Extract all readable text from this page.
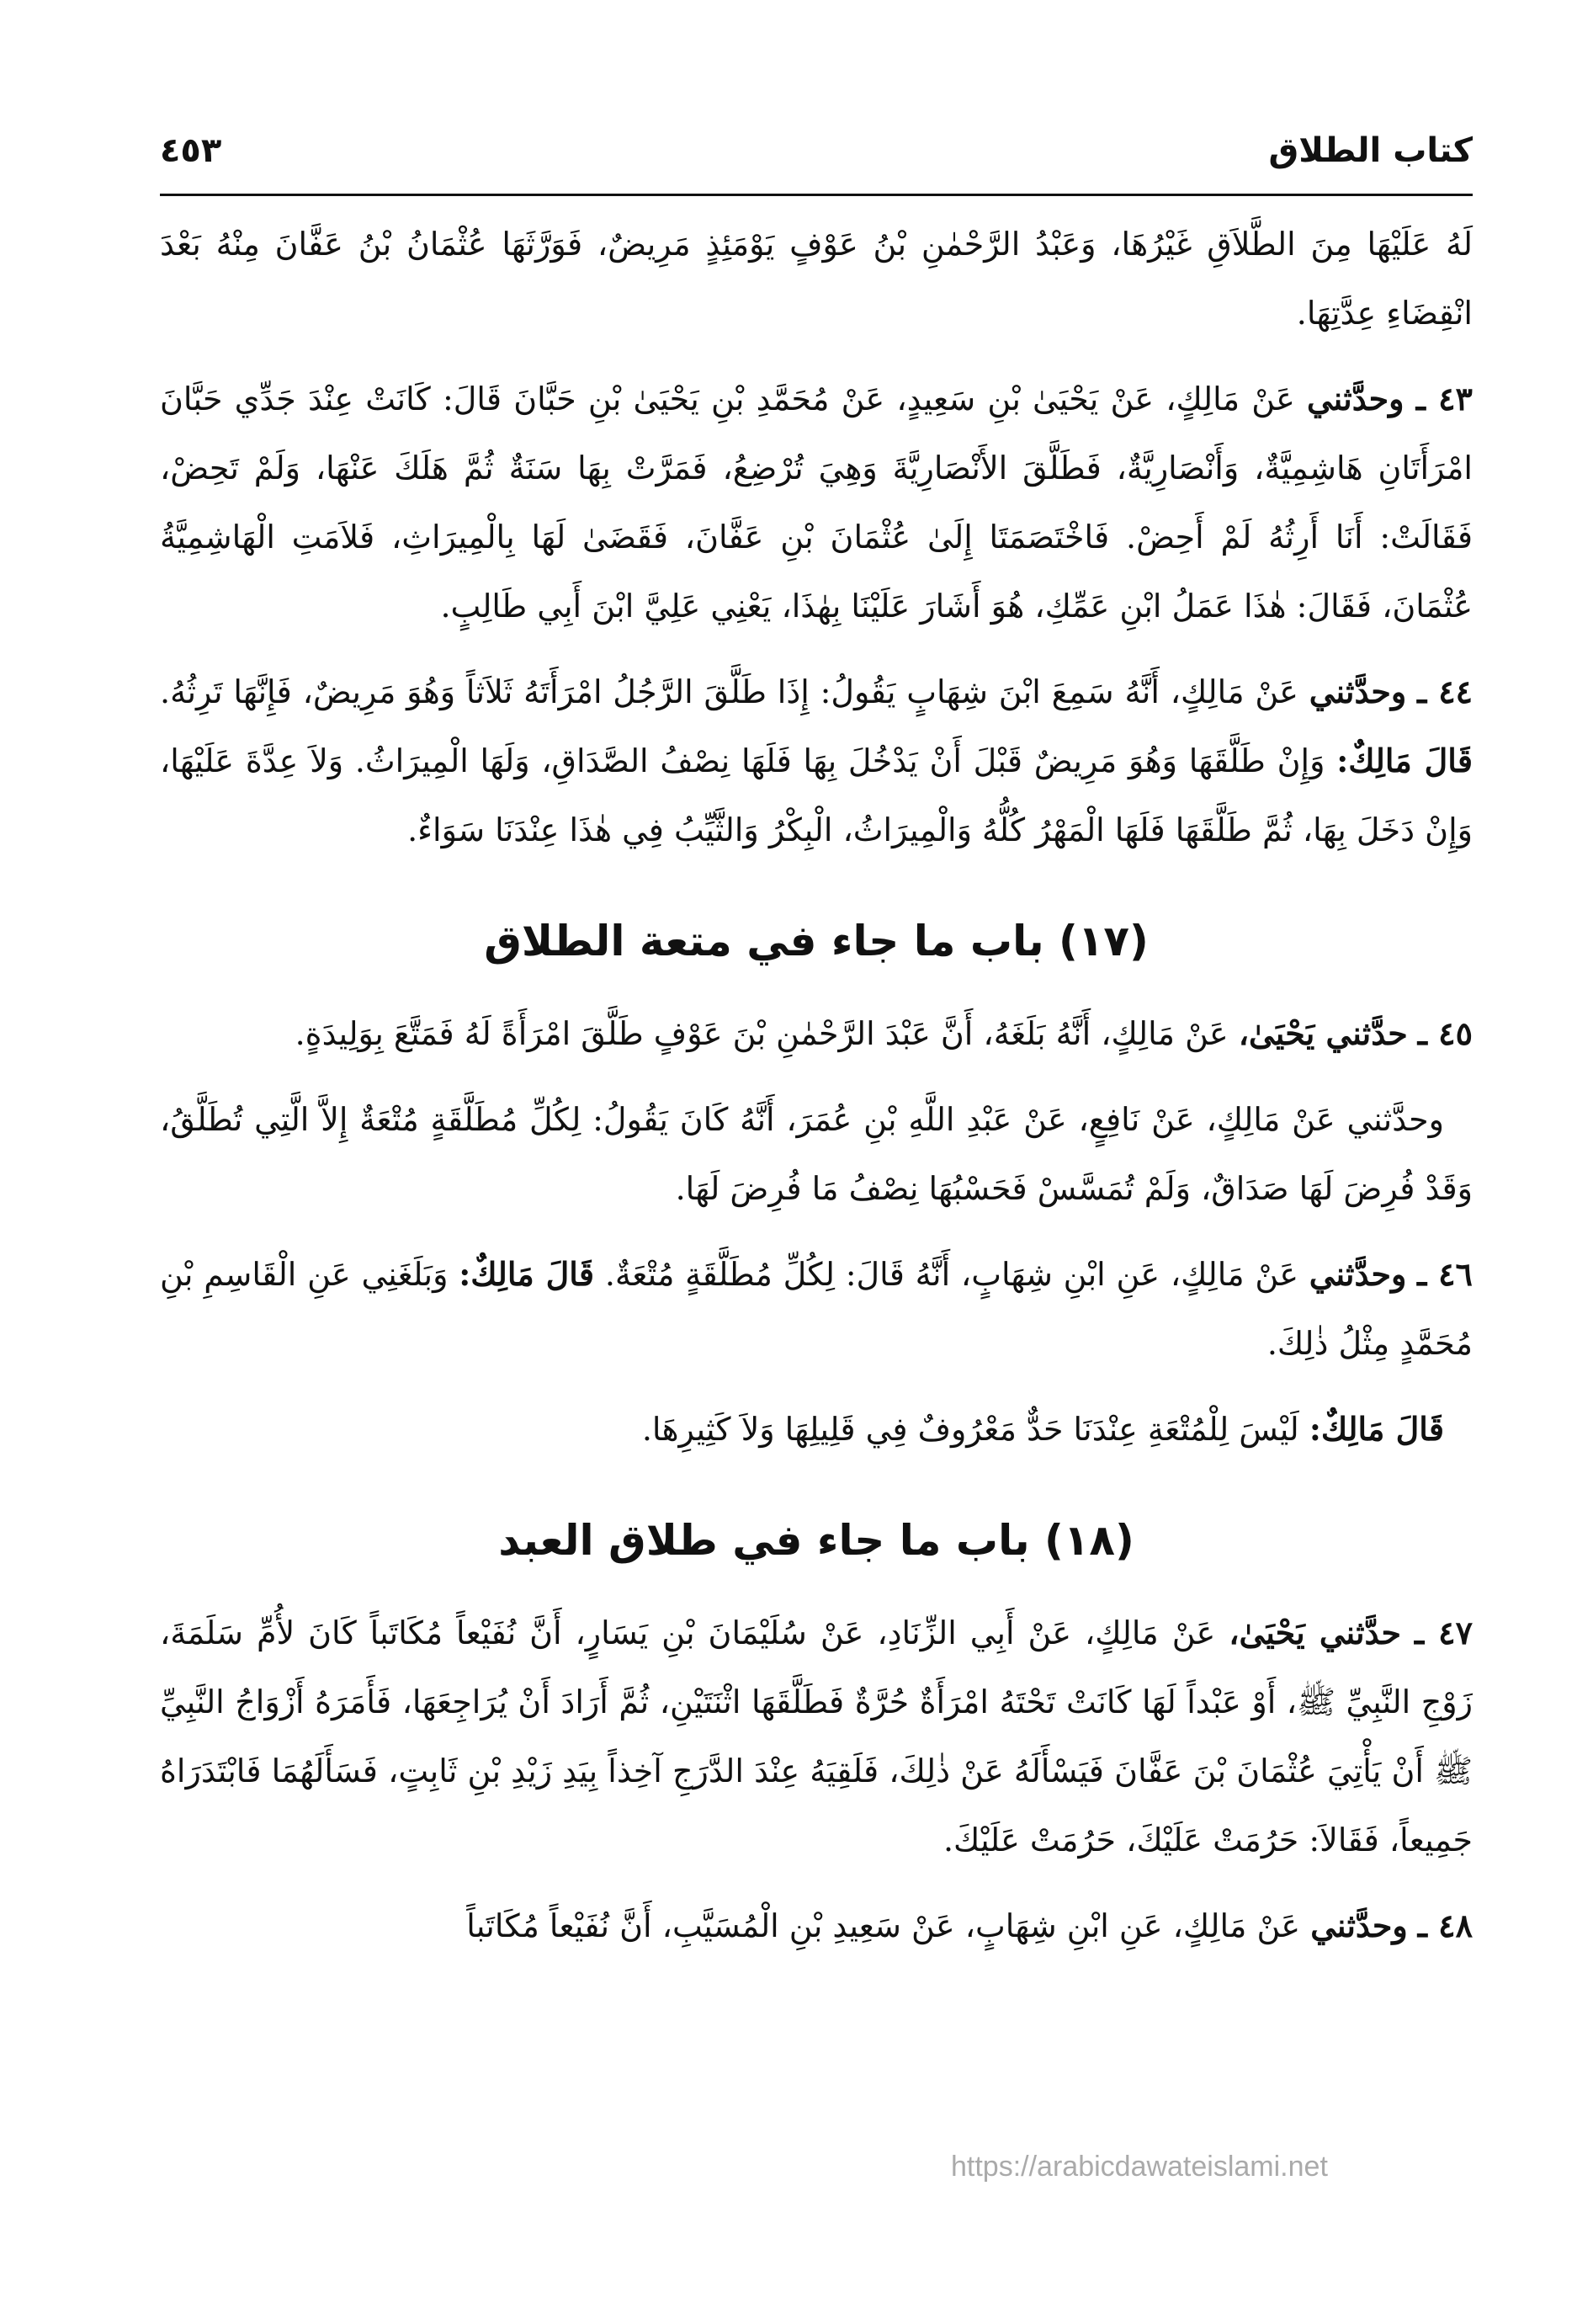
كتاب الطلاق
٤٥٣

لَهُ عَلَيْهَا مِنَ الطَّلاَقِ غَيْرُهَا، وَعَبْدُ الرَّحْمٰنِ بْنُ عَوْفٍ يَوْمَئِذٍ مَرِيضٌ، فَوَرَّثَهَا عُثْمَانُ بْنُ عَفَّانَ مِنْهُ بَعْدَ انْقِضَاءِ عِدَّتِهَا.

٤٣ ـ وحدَّثني عَنْ مَالِكٍ، عَنْ يَحْيَىٰ بْنِ سَعِيدٍ، عَنْ مُحَمَّدِ بْنِ يَحْيَىٰ بْنِ حَبَّانَ قَالَ: كَانَتْ عِنْدَ جَدِّي حَبَّانَ امْرَأَتَانِ هَاشِمِيَّةٌ، وَأَنْصَارِيَّةٌ، فَطَلَّقَ الأَنْصَارِيَّةَ وَهِيَ تُرْضِعُ، فَمَرَّتْ بِهَا سَنَةٌ ثُمَّ هَلَكَ عَنْهَا، وَلَمْ تَحِضْ، فَقَالَتْ: أَنَا أَرِثُهُ لَمْ أَحِضْ. فَاخْتَصَمَتَا إِلَىٰ عُثْمَانَ بْنِ عَفَّانَ، فَقَضَىٰ لَهَا بِالْمِيرَاثِ، فَلاَمَتِ الْهَاشِمِيَّةُ عُثْمَانَ، فَقَالَ: هٰذَا عَمَلُ ابْنِ عَمِّكِ، هُوَ أَشَارَ عَلَيْنَا بِهٰذَا، يَعْنِي عَلِيَّ ابْنَ أَبِي طَالِبٍ.

٤٤ ـ وحدَّثني عَنْ مَالِكٍ، أَنَّهُ سَمِعَ ابْنَ شِهَابٍ يَقُولُ: إِذَا طَلَّقَ الرَّجُلُ امْرَأَتَهُ ثَلاَثاً وَهُوَ مَرِيضٌ، فَإِنَّهَا تَرِثُهُ. قَالَ مَالِكٌ: وَإِنْ طَلَّقَهَا وَهُوَ مَرِيضٌ قَبْلَ أَنْ يَدْخُلَ بِهَا فَلَهَا نِصْفُ الصَّدَاقِ، وَلَهَا الْمِيرَاثُ. وَلاَ عِدَّةَ عَلَيْهَا، وَإِنْ دَخَلَ بِهَا، ثُمَّ طَلَّقَهَا فَلَهَا الْمَهْرُ كُلُّهُ وَالْمِيرَاثُ، الْبِكْرُ وَالثَّيِّبُ فِي هٰذَا عِنْدَنَا سَوَاءٌ.

(١٧) باب ما جاء في متعة الطلاق

٤٥ ـ حدَّثني يَحْيَىٰ، عَنْ مَالِكٍ، أَنَّهُ بَلَغَهُ، أَنَّ عَبْدَ الرَّحْمٰنِ بْنَ عَوْفٍ طَلَّقَ امْرَأَةً لَهُ فَمَتَّعَ بِوَلِيدَةٍ.

وحدَّثني عَنْ مَالِكٍ، عَنْ نَافِعٍ، عَنْ عَبْدِ اللَّهِ بْنِ عُمَرَ، أَنَّهُ كَانَ يَقُولُ: لِكُلِّ مُطَلَّقَةٍ مُتْعَةٌ إِلاَّ الَّتِي تُطَلَّقُ، وَقَدْ فُرِضَ لَهَا صَدَاقٌ، وَلَمْ تُمَسَّسْ فَحَسْبُهَا نِصْفُ مَا فُرِضَ لَهَا.

٤٦ ـ وحدَّثني عَنْ مَالِكٍ، عَنِ ابْنِ شِهَابٍ، أَنَّهُ قَالَ: لِكُلِّ مُطَلَّقَةٍ مُتْعَةٌ. قَالَ مَالِكٌ: وَبَلَغَنِي عَنِ الْقَاسِمِ بْنِ مُحَمَّدٍ مِثْلُ ذٰلِكَ.

قَالَ مَالِكٌ: لَيْسَ لِلْمُتْعَةِ عِنْدَنَا حَدٌّ مَعْرُوفٌ فِي قَلِيلِهَا وَلاَ كَثِيرِهَا.

(١٨) باب ما جاء في طلاق العبد

٤٧ ـ حدَّثني يَحْيَىٰ، عَنْ مَالِكٍ، عَنْ أَبِي الزِّنَادِ، عَنْ سُلَيْمَانَ بْنِ يَسَارٍ، أَنَّ نُفَيْعاً مُكَاتَباً كَانَ لأُمِّ سَلَمَةَ، زَوْجِ النَّبِيِّ ﷺ، أَوْ عَبْداً لَهَا كَانَتْ تَحْتَهُ امْرَأَةٌ حُرَّةٌ فَطَلَّقَهَا اثْنَتَيْنِ، ثُمَّ أَرَادَ أَنْ يُرَاجِعَهَا، فَأَمَرَهُ أَزْوَاجُ النَّبِيِّ ﷺ أَنْ يَأْتِيَ عُثْمَانَ بْنَ عَفَّانَ فَيَسْأَلَهُ عَنْ ذٰلِكَ، فَلَقِيَهُ عِنْدَ الدَّرَجِ آخِذاً بِيَدِ زَيْدِ بْنِ ثَابِتٍ، فَسَأَلَهُمَا فَابْتَدَرَاهُ جَمِيعاً، فَقَالاَ: حَرُمَتْ عَلَيْكَ، حَرُمَتْ عَلَيْكَ.

٤٨ ـ وحدَّثني عَنْ مَالِكٍ، عَنِ ابْنِ شِهَابٍ، عَنْ سَعِيدِ بْنِ الْمُسَيَّبِ، أَنَّ نُفَيْعاً مُكَاتَباً

https://arabicdawateislami.net
